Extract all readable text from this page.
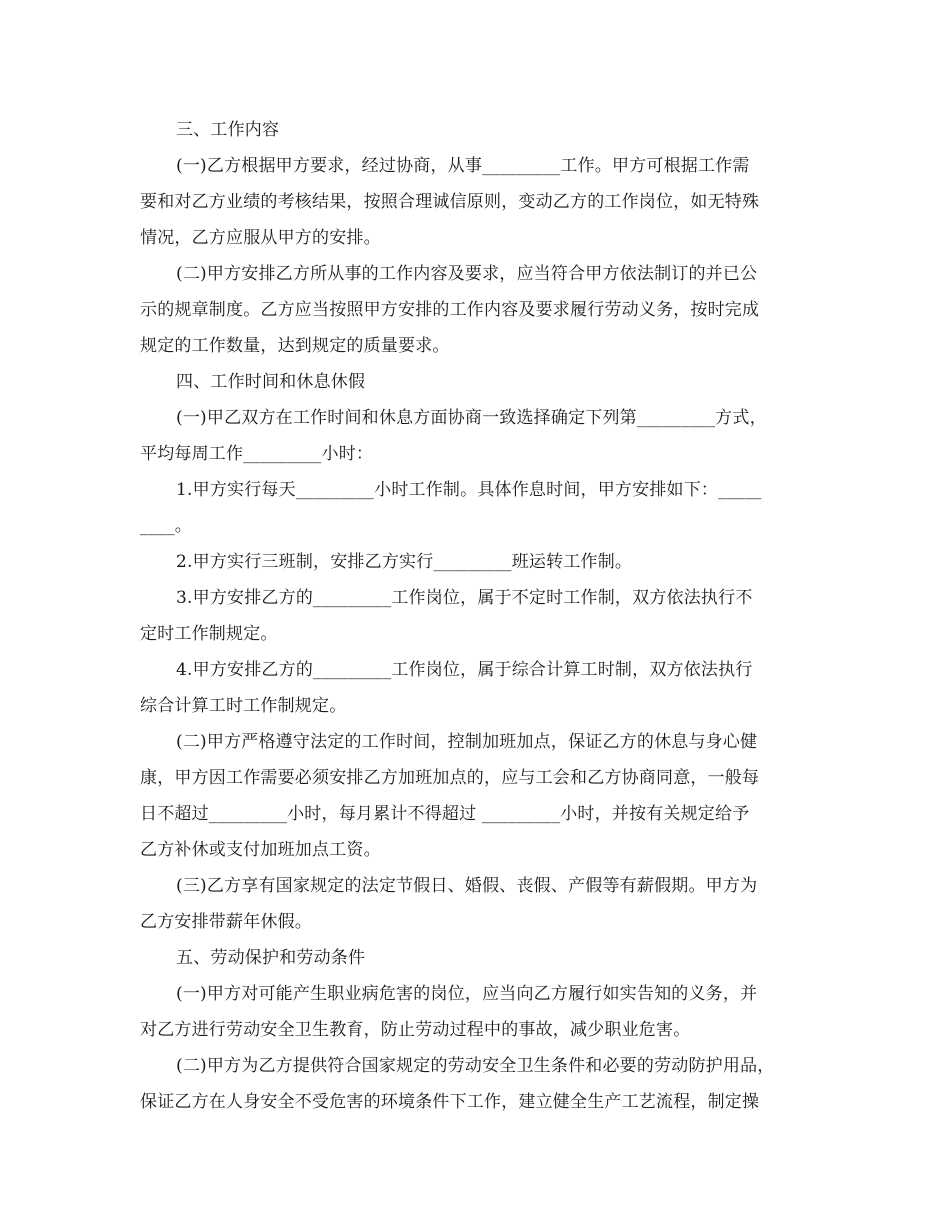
三、工作内容
(一)乙方根据甲方要求，经过协商，从事_________工作。甲方可根据工作需
要和对乙方业绩的考核结果，按照合理诚信原则，变动乙方的工作岗位，如无特殊
情况，乙方应服从甲方的安排。
(二)甲方安排乙方所从事的工作内容及要求，应当符合甲方依法制订的并已公
示的规章制度。乙方应当按照甲方安排的工作内容及要求履行劳动义务，按时完成
规定的工作数量，达到规定的质量要求。
四、工作时间和休息休假
(一)甲乙双方在工作时间和休息方面协商一致选择确定下列第_________方式，
平均每周工作_________小时：
1.甲方实行每天_________小时工作制。具体作息时间，甲方安排如下：_____
____。
2.甲方实行三班制，安排乙方实行_________班运转工作制。
3.甲方安排乙方的_________工作岗位，属于不定时工作制，双方依法执行不
定时工作制规定。
4.甲方安排乙方的_________工作岗位，属于综合计算工时制，双方依法执行
综合计算工时工作制规定。
(二)甲方严格遵守法定的工作时间，控制加班加点，保证乙方的休息与身心健
康，甲方因工作需要必须安排乙方加班加点的，应与工会和乙方协商同意，一般每
日不超过_________小时，每月累计不得超过 _________小时，并按有关规定给予
乙方补休或支付加班加点工资。
(三)乙方享有国家规定的法定节假日、婚假、丧假、产假等有薪假期。甲方为
乙方安排带薪年休假。
五、劳动保护和劳动条件
(一)甲方对可能产生职业病危害的岗位，应当向乙方履行如实告知的义务，并
对乙方进行劳动安全卫生教育，防止劳动过程中的事故，减少职业危害。
(二)甲方为乙方提供符合国家规定的劳动安全卫生条件和必要的劳动防护用品，
保证乙方在人身安全不受危害的环境条件下工作，建立健全生产工艺流程，制定操
